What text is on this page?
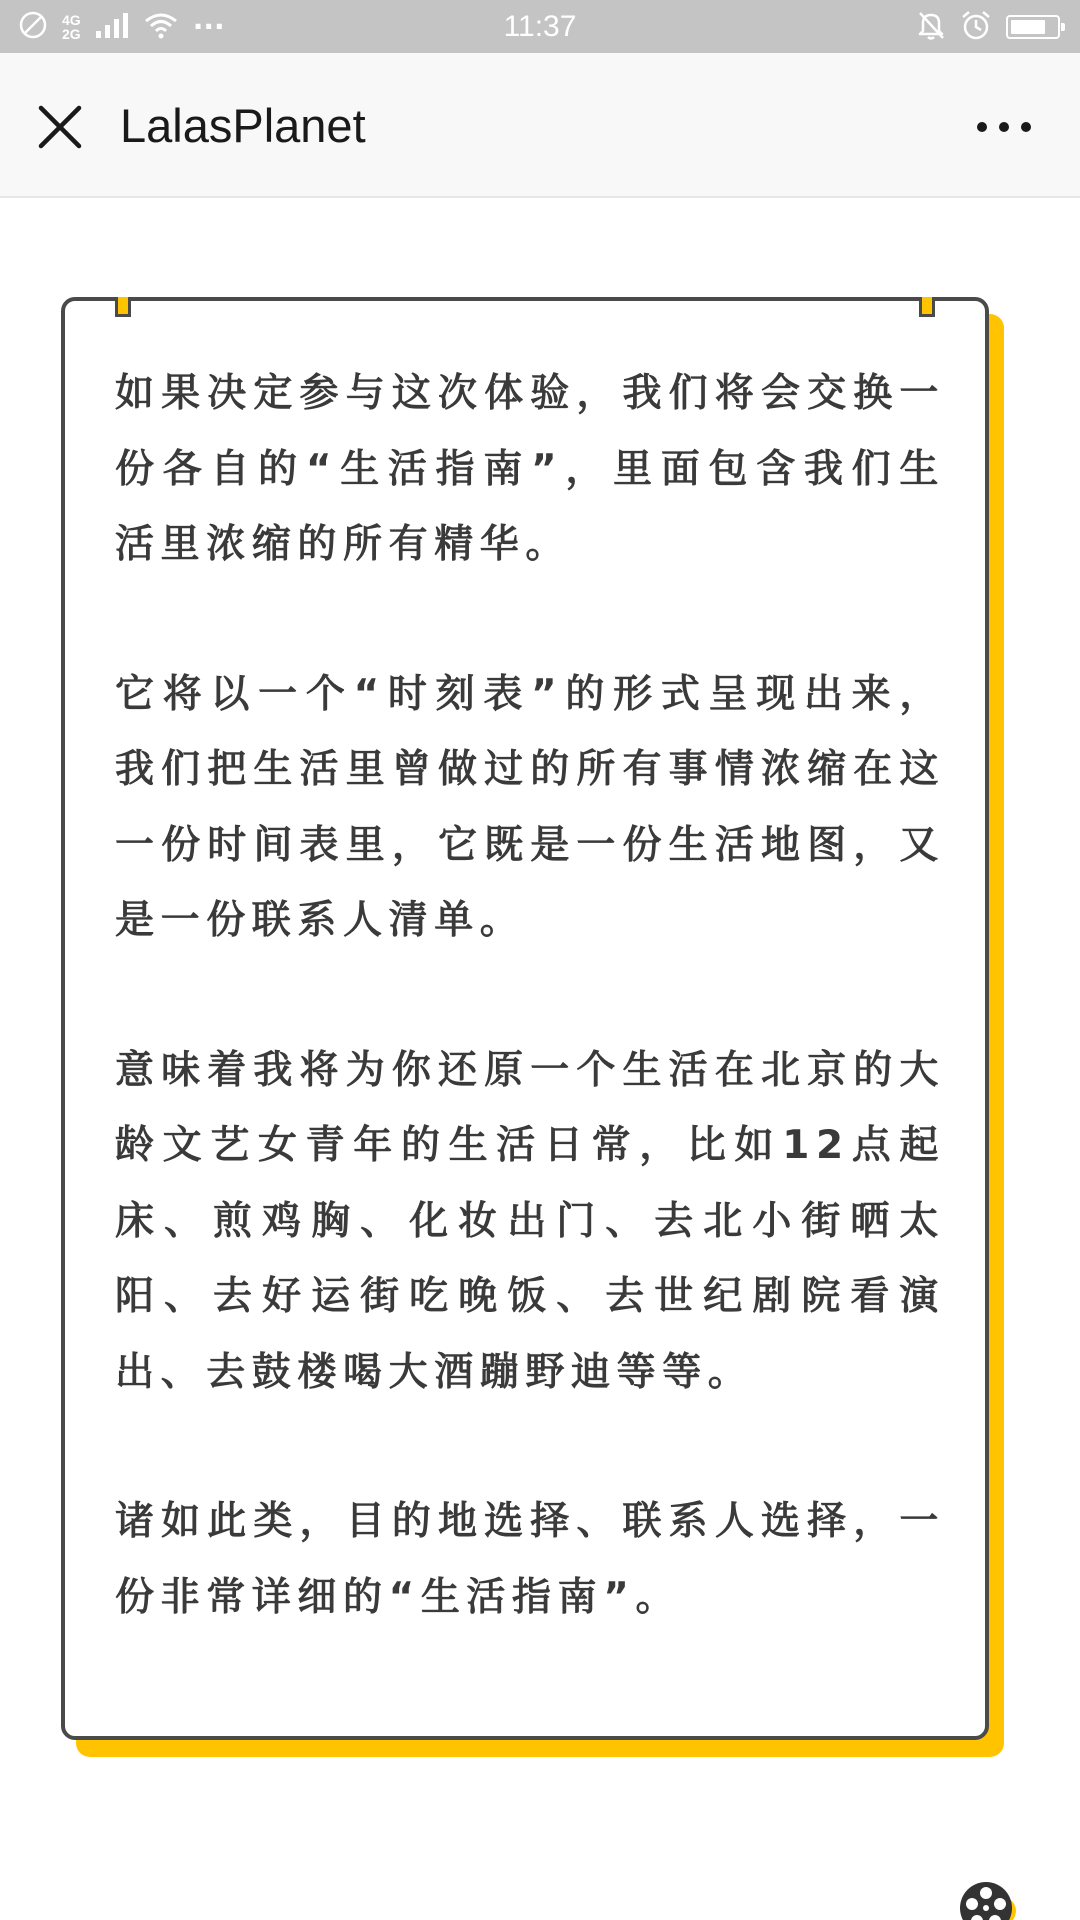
4G
2G	···	11:37
LalasPlanet

如果决定参与这次体验，我们将会交换一份各自的“生活指南”，里面包含我们生活里浓缩的所有精华。

它将以一个“时刻表”的形式呈现出来，我们把生活里曾做过的所有事情浓缩在这一份时间表里，它既是一份生活地图，又是一份联系人清单。

意味着我将为你还原一个生活在北京的大龄文艺女青年的生活日常，比如12点起床、煎鸡胸、化妆出门、去北小街晒太阳、去好运街吃晚饭、去世纪剧院看演出、去鼓楼喝大酒蹦野迪等等。

诸如此类，目的地选择、联系人选择，一份非常详细的“生活指南”。
